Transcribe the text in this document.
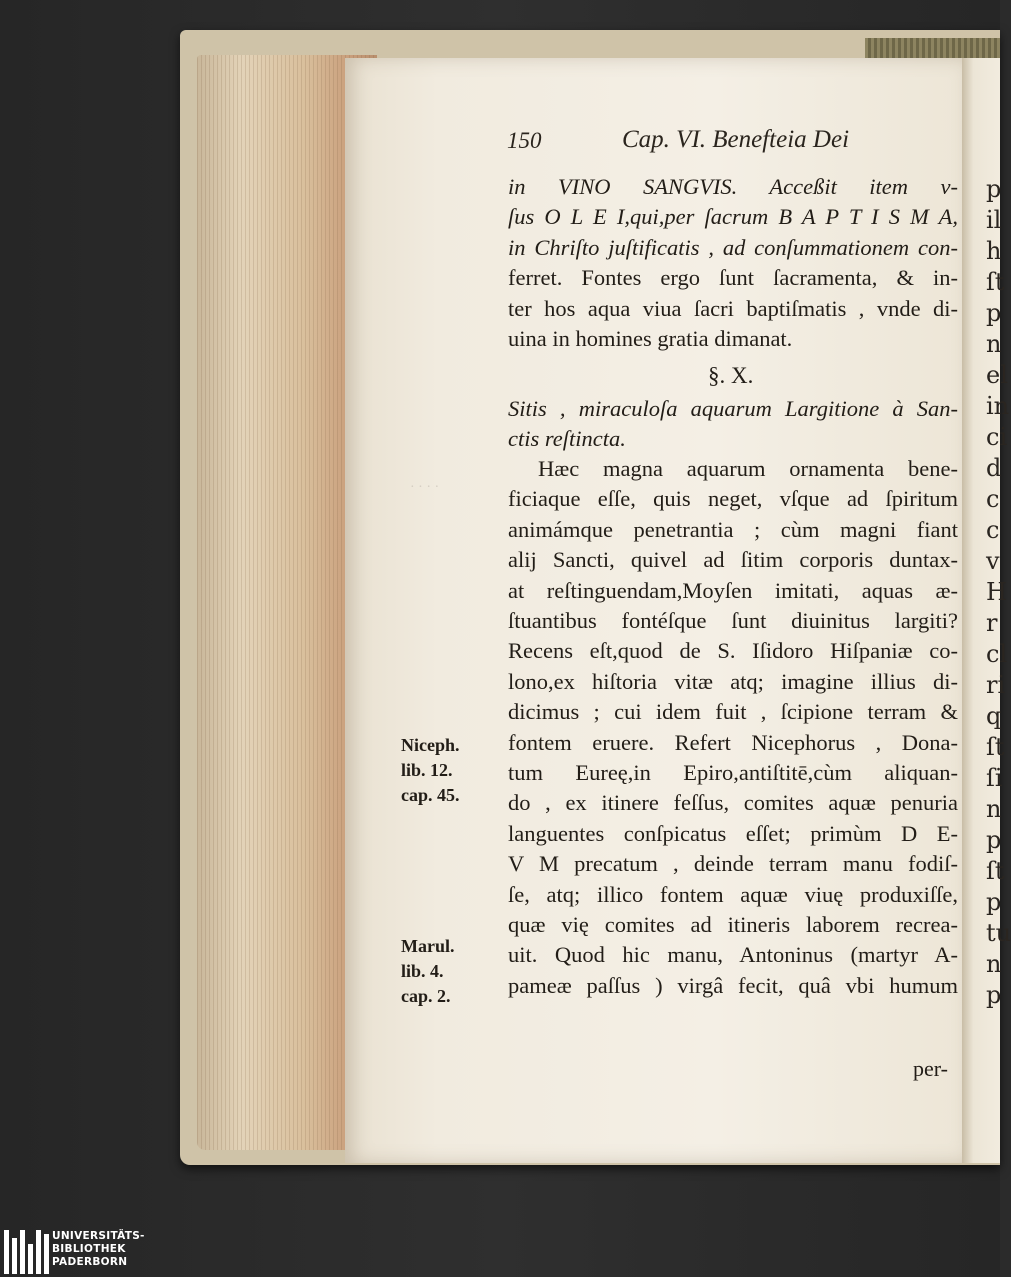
p
il
h
ſt
p
n
el
in
ci
d
c
c
v
H
r
cl
ri
q
ſt
ſi
n
p
ſt
p
tu
n
p
· · · ·
150	Cap. VI. Benefteia Dei
in VINO SANGVIS. Acceßit item v-
ſus O L E I,qui,per ſacrum B A P T I S M A,
in Chriſto juſtificatis , ad conſummationem con-
ferret. Fontes ergo ſunt ſacramenta, & in-
ter hos aqua viua ſacri baptiſmatis , vnde di-
uina in homines gratia dimanat.
§. X.
Sitis , miraculoſa aquarum Largitione à San-
ctis reſtincta.
Hæc magna aquarum ornamenta bene-
ficiaque eſſe, quis neget, vſque ad ſpiritum
animámque penetrantia ; cùm magni fiant
alij Sancti, quivel ad ſitim corporis duntax-
at reſtinguendam,Moyſen imitati, aquas æ-
ſtuantibus fontéſque ſunt diuinitus largiti?
Recens eſt,quod de S. Iſidoro Hiſpaniæ co-
lono,ex hiſtoria vitæ atq; imagine illius di-
dicimus ; cui idem fuit , ſcipione terram &
fontem eruere. Refert Nicephorus , Dona-
tum Eureę,in Epiro,antiſtitē,cùm aliquan-
do , ex itinere feſſus, comites aquæ penuria
languentes conſpicatus eſſet; primùm D E-
V M precatum , deinde terram manu fodiſ-
ſe, atq; illico fontem aquæ viuę produxiſſe,
quæ vię comites ad itineris laborem recrea-
uit. Quod hic manu, Antoninus (martyr A-
pameæ paſſus ) virgâ fecit, quâ vbi humum
Niceph.
lib. 12.
cap. 45.
Marul.
lib. 4.
cap. 2.
per-
UNIVERSITÄTS-
BIBLIOTHEK
PADERBORN
